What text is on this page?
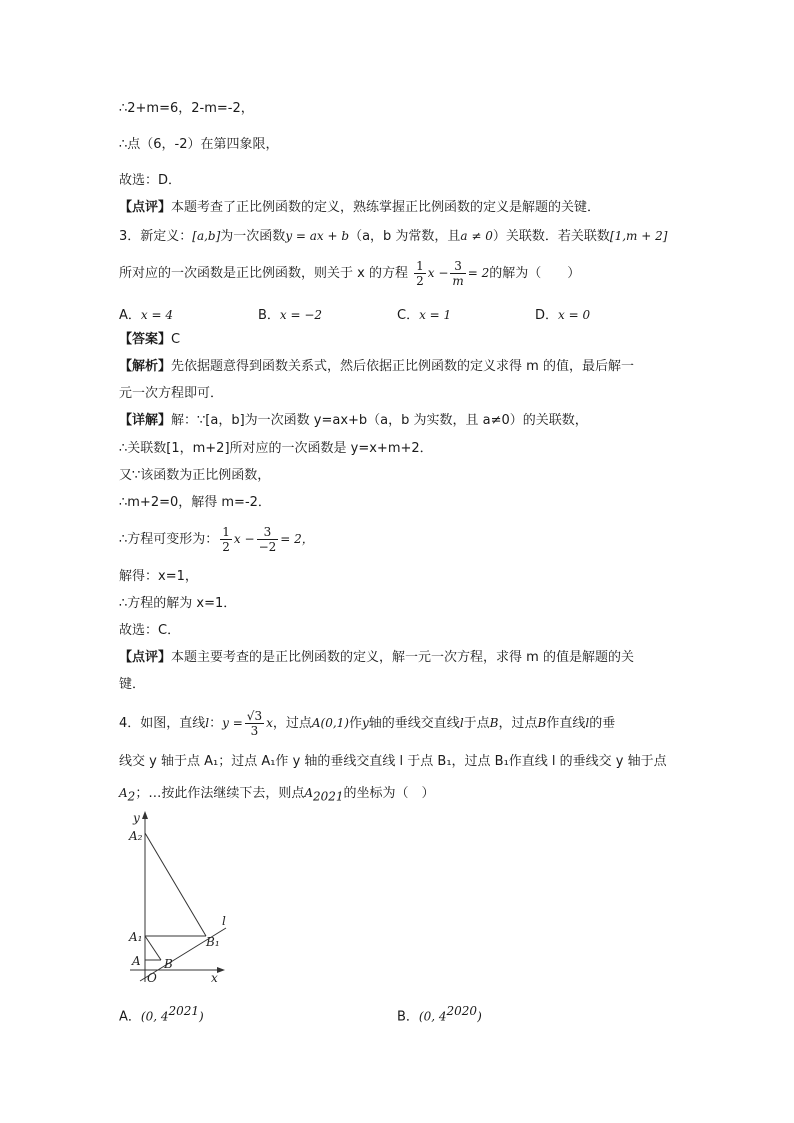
∴2+m=6，2-m=-2，
∴点（6，-2）在第四象限，
故选：D．
【点评】本题考查了正比例函数的定义，熟练掌握正比例函数的定义是解题的关键．
3．新定义：[a,b]为一次函数y = ax + b（a，b 为常数，且a ≠ 0）关联数．若关联数[1,m + 2]
所对应的一次函数是正比例函数，则关于 x 的方程 $\frac{1}{2}$ $x - \frac{3}{m} = 2$的解为（　　）
A．x = 4	B．x = −2	C．x = 1	D．x = 0
【答案】C
【解析】先依据题意得到函数关系式，然后依据正比例函数的定义求得 m 的值，最后解一
元一次方程即可．
【详解】解：∵[a，b]为一次函数 y=ax+b（a，b 为实数，且 a≠0）的关联数，
∴关联数[1，m+2]所对应的一次函数是 y=x+m+2．
又∵该函数为正比例函数，
∴m+2=0，解得 m=-2．
∴方程可变形为： $\frac{1}{2}$ $x - \frac{3}{-2} = 2$，
解得：x=1，
∴方程的解为 x=1．
故选：C．
【点评】本题主要考查的是正比例函数的定义，解一元一次方程，求得 m 的值是解题的关
键．
4．如图，直线l：$y = \frac{√3}{3}$ x，过点A(0,1)作y轴的垂线交直线l于点B，过点B作直线l的垂
线交 y 轴于点 A₁；过点 A₁作 y 轴的垂线交直线 l 于点 B₁，过点 B₁作直线 l 的垂线交 y 轴于点
$A_2$；…按此作法继续下去，则点$A_{2021}$的坐标为（　）
y
x
O
l
A B
A₁	B₁
A₂
A．(0, $4^{2021}$)	B．(0, $4^{2020}$)
